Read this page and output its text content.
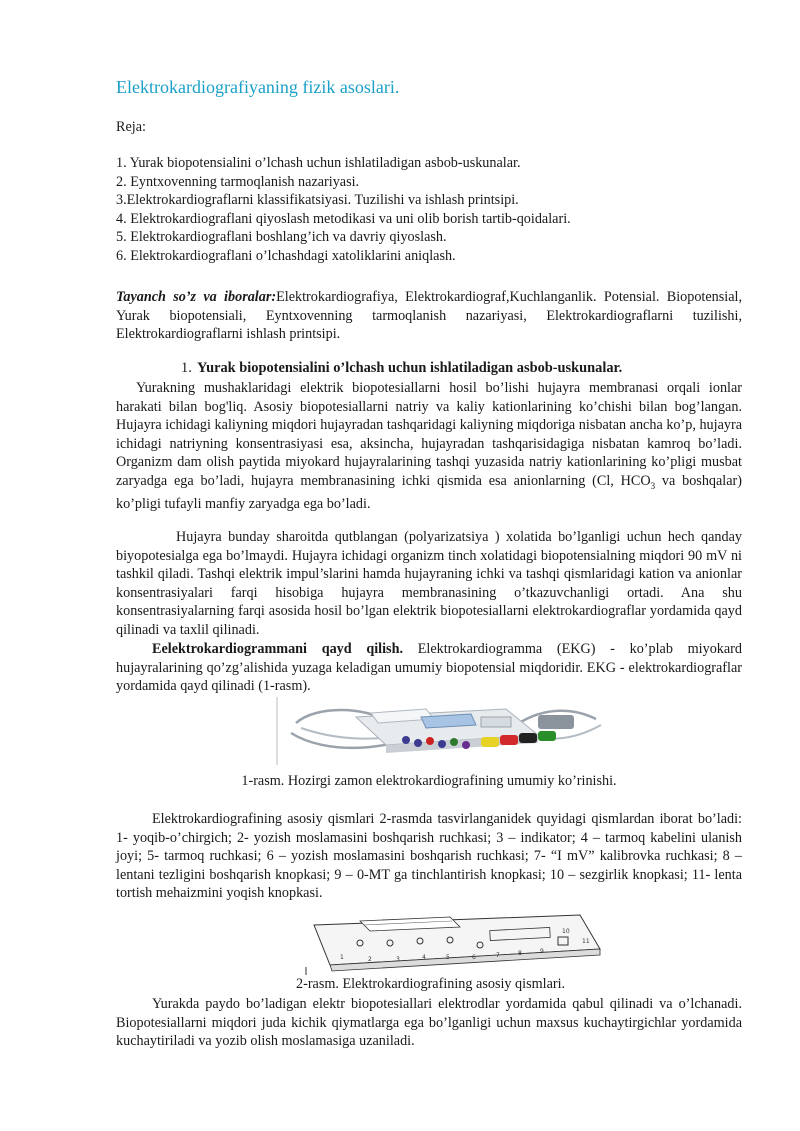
Elektrokardiografiyaning fizik asoslari.

Reja:

1. Yurak biopotensialini o’lchash uchun ishlatiladigan asbob-uskunalar.
2. Eyntxovenning tarmoqlanish nazariyasi.
3.Elektrokardiograflarni klassifikatsiyasi. Tuzilishi va ishlash printsipi.
4. Elektrokardiograflani qiyoslash metodikasi va uni olib borish tartib-qoidalari.
5. Elektrokardiograflani boshlang’ich va davriy qiyoslash.
6. Elektrokardiograflani o’lchashdagi xatoliklarini aniqlash.

Tayanch so’z va iboralar:Elektrokardiografiya, Elektrokardiograf,Kuchlanganlik. Potensial. Biopotensial, Yurak biopotensiali, Eyntxovenning tarmoqlanish nazariyasi, Elektrokardiograflarni tuzilishi, Elektrokardiograflarni ishlash printsipi.

1. Yurak biopotensialini o’lchash uchun ishlatiladigan asbob-uskunalar.

Yurakning mushaklaridagi elektrik biopotesiallarni hosil bo’lishi hujayra membranasi orqali ionlar harakati bilan bog'liq. Asosiy biopotesiallarni natriy va kaliy kationlarining ko’chishi bilan bog’langan. Hujayra ichidagi kaliyning miqdori hujayradan tashqaridagi kaliyning miqdoriga nisbatan ancha ko’p, hujayra ichidagi natriyning konsentrasiyasi esa, aksincha, hujayradan tashqarisidagiga nisbatan kamroq bo’ladi. Organizm dam olish paytida miyokard hujayralarining tashqi yuzasida natriy kationlarining ko’pligi musbat zaryadga ega bo’ladi, hujayra membranasining ichki qismida esa anionlarning (Cl, $HCO_3$ va boshqalar) ko’pligi tufayli manfiy zaryadga ega bo’ladi.

Hujayra bunday sharoitda qutblangan (polyarizatsiya ) xolatida bo’lganligi uchun hech qanday biyopotesialga ega bo’lmaydi. Hujayra ichidagi organizm tinch xolatidagi biopotensialning miqdori 90 mV ni tashkil qiladi. Tashqi elektrik impul’slarini hamda hujayraning ichki va tashqi qismlaridagi kation va anionlar konsentrasiyalari farqi hisobiga hujayra membranasining o’tkazuvchanligi ortadi. Ana shu konsentrasiyalarning farqi asosida hosil bo’lgan elektrik biopotesiallarni elektrokardiograflar yordamida qayd qilinadi va taxlil qilinadi.

Eelektrokardiogrammani qayd qilish. Elektrokardiogramma (EKG) - ko’plab miyokard hujayralarining qo’zg’alishida yuzaga keladigan umumiy biopotensial miqdoridir. EKG - elektrokardiograflar yordamida qayd qilinadi (1-rasm).

1-rasm. Hozirgi zamon elektrokardiografining umumiy ko’rinishi.

Elektrokardiografining asosiy qismlari 2-rasmda tasvirlanganidek quyidagi qismlardan iborat bo’ladi: 1- yoqib-o’chirgich; 2- yozish moslamasini boshqarish ruchkasi; 3 – indikator; 4 – tarmoq kabelini ulanish joyi; 5- tarmoq ruchkasi; 6 – yozish moslamasini boshqarish ruchkasi; 7- “I mV” kalibrovka ruchkasi; 8 – lentani tezligini boshqarish knopkasi; 9 – 0-MT ga tinchlantirish knopkasi; 10 – sezgirlik knopkasi; 11- lenta tortish mehaizmini yoqish knopkasi.

1	2	3	4	5	6	7	8	9
10
11

2-rasm. Elektrokardiografining asosiy qismlari.

Yurakda paydo bo’ladigan elektr biopotesiallari elektrodlar yordamida qabul qilinadi va o’lchanadi. Biopotesiallarni miqdori juda kichik qiymatlarga ega bo’lganligi uchun maxsus kuchaytirgichlar yordamida kuchaytiriladi va yozib olish moslamasiga uzaniladi.
